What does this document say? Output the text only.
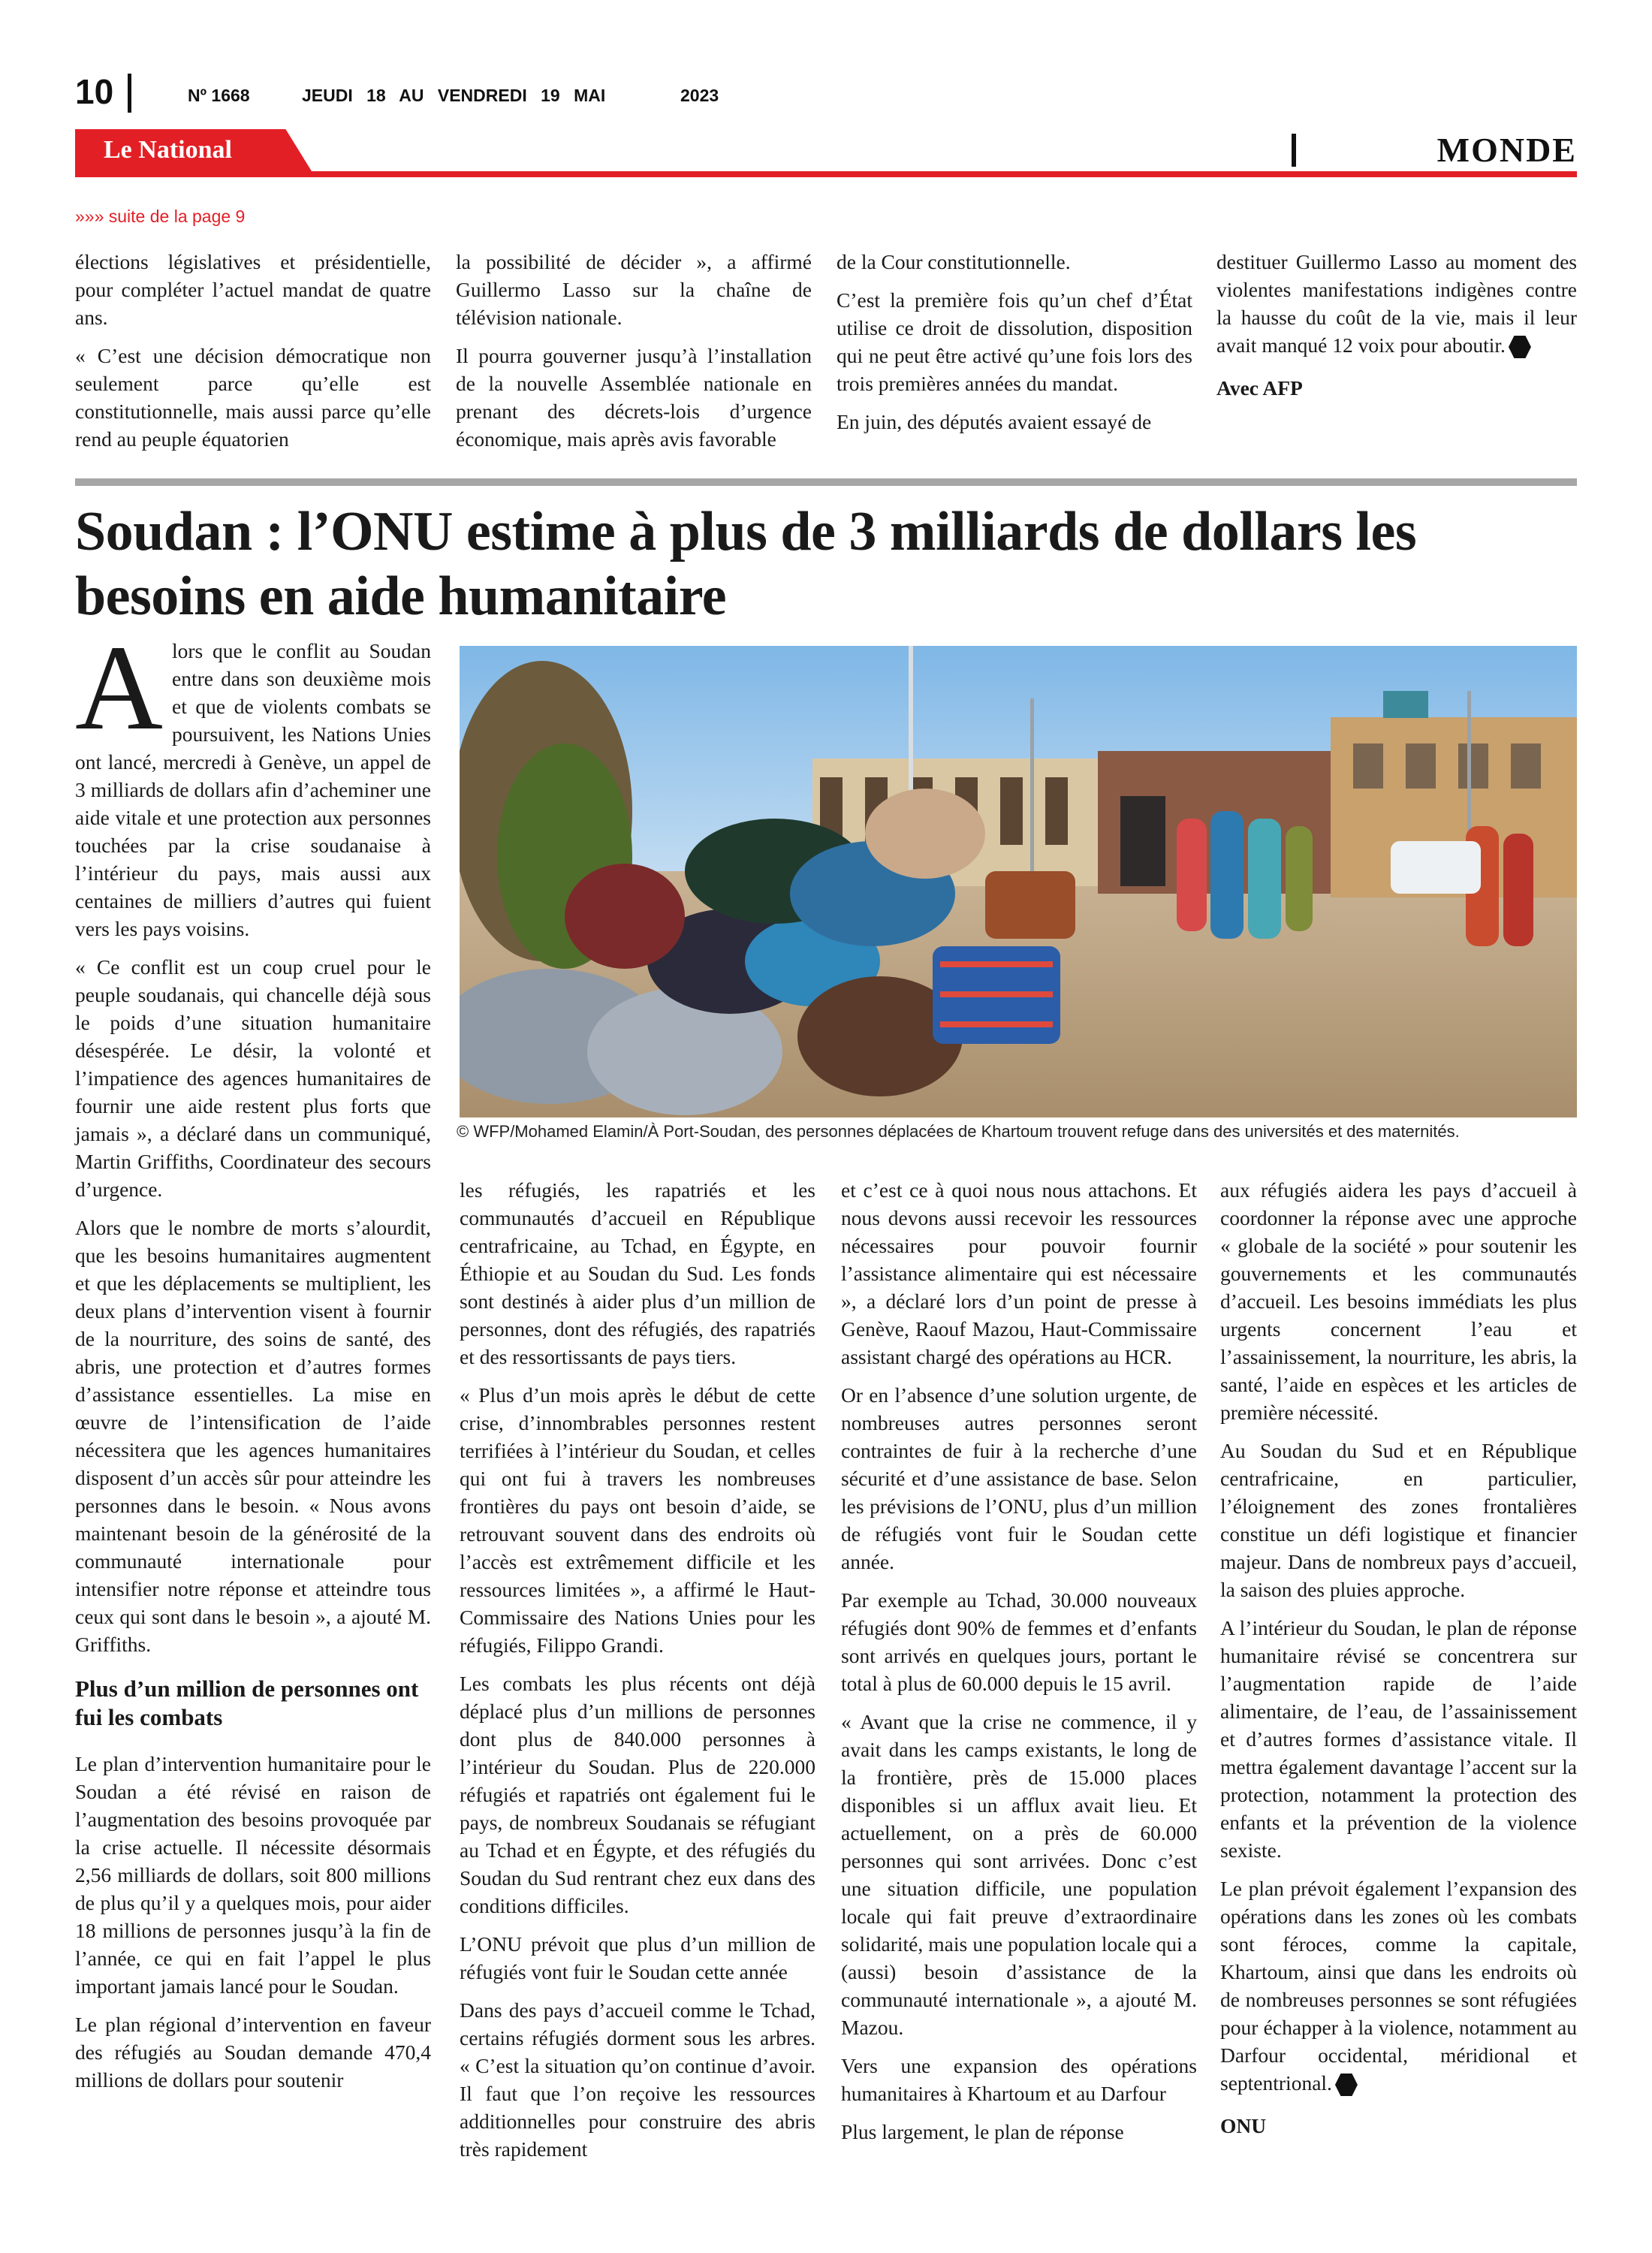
10	Nº 1668	JEUDI 18 AU VENDREDI 19 MAI	2023
Le National	MONDE
»»» suite de la page 9

élections législatives et présidentielle, pour compléter l’actuel mandat de quatre ans.

« C’est une décision démocratique non seulement parce qu’elle est constitutionnelle, mais aussi parce qu’elle rend au peuple équatorien

la possibilité de décider », a affirmé Guillermo Lasso sur la chaîne de télévision nationale.

Il pourra gouverner jusqu’à l’installation de la nouvelle Assemblée nationale en prenant des décrets-lois d’urgence économique, mais après avis favorable

de la Cour constitutionnelle.

C’est la première fois qu’un chef d’État utilise ce droit de dissolution, disposition qui ne peut être activé qu’une fois lors des trois premières années du mandat.

En juin, des députés avaient essayé de

destituer Guillermo Lasso au moment des violentes manifestations indigènes contre la hausse du coût de la vie, mais il leur avait manqué 12 voix pour aboutir.

Avec AFP

Soudan : l’ONU estime à plus de 3 milliards de dollars les besoins en aide humanitaire
© WFP/Mohamed Elamin/À Port-Soudan, des personnes déplacées de Khartoum trouvent refuge dans des universités et des maternités.

Alors que le conflit au Soudan entre dans son deuxième mois et que de violents combats se poursuivent, les Nations Unies ont lancé, mercredi à Genève, un appel de 3 milliards de dollars afin d’acheminer une aide vitale et une protection aux personnes touchées par la crise soudanaise à l’intérieur du pays, mais aussi aux centaines de milliers d’autres qui fuient vers les pays voisins.

« Ce conflit est un coup cruel pour le peuple soudanais, qui chancelle déjà sous le poids d’une situation humanitaire désespérée. Le désir, la volonté et l’impatience des agences humanitaires de fournir une aide restent plus forts que jamais », a déclaré dans un communiqué, Martin Griffiths, Coordinateur des secours d’urgence.

Alors que le nombre de morts s’alourdit, que les besoins humanitaires augmentent et que les déplacements se multiplient, les deux plans d’intervention visent à fournir de la nourriture, des soins de santé, des abris, une protection et d’autres formes d’assistance essentielles. La mise en œuvre de l’intensification de l’aide nécessitera que les agences humanitaires disposent d’un accès sûr pour atteindre les personnes dans le besoin. « Nous avons maintenant besoin de la générosité de la communauté internationale pour intensifier notre réponse et atteindre tous ceux qui sont dans le besoin », a ajouté M. Griffiths.

Plus d’un million de personnes ont fui les combats

Le plan d’intervention humanitaire pour le Soudan a été révisé en raison de l’augmentation des besoins provoquée par la crise actuelle. Il nécessite désormais 2,56 milliards de dollars, soit 800 millions de plus qu’il y a quelques mois, pour aider 18 millions de personnes jusqu’à la fin de l’année, ce qui en fait l’appel le plus important jamais lancé pour le Soudan.

Le plan régional d’intervention en faveur des réfugiés au Soudan demande 470,4 millions de dollars pour soutenir

les réfugiés, les rapatriés et les communautés d’accueil en République centrafricaine, au Tchad, en Égypte, en Éthiopie et au Soudan du Sud. Les fonds sont destinés à aider plus d’un million de personnes, dont des réfugiés, des rapatriés et des ressortissants de pays tiers.

« Plus d’un mois après le début de cette crise, d’innombrables personnes restent terrifiées à l’intérieur du Soudan, et celles qui ont fui à travers les nombreuses frontières du pays ont besoin d’aide, se retrouvant souvent dans des endroits où l’accès est extrêmement difficile et les ressources limitées », a affirmé le Haut-Commissaire des Nations Unies pour les réfugiés, Filippo Grandi.

Les combats les plus récents ont déjà déplacé plus d’un millions de personnes dont plus de 840.000 personnes à l’intérieur du Soudan. Plus de 220.000 réfugiés et rapatriés ont également fui le pays, de nombreux Soudanais se réfugiant au Tchad et en Égypte, et des réfugiés du Soudan du Sud rentrant chez eux dans des conditions difficiles.

L’ONU prévoit que plus d’un million de réfugiés vont fuir le Soudan cette année

Dans des pays d’accueil comme le Tchad, certains réfugiés dorment sous les arbres. « C’est la situation qu’on continue d’avoir. Il faut que l’on reçoive les ressources additionnelles pour construire des abris très rapidement

et c’est ce à quoi nous nous attachons. Et nous devons aussi recevoir les ressources nécessaires pour pouvoir fournir l’assistance alimentaire qui est nécessaire », a déclaré lors d’un point de presse à Genève, Raouf Mazou, Haut-Commissaire assistant chargé des opérations au HCR.

Or en l’absence d’une solution urgente, de nombreuses autres personnes seront contraintes de fuir à la recherche d’une sécurité et d’une assistance de base. Selon les prévisions de l’ONU, plus d’un million de réfugiés vont fuir le Soudan cette année.

Par exemple au Tchad, 30.000 nouveaux réfugiés dont 90% de femmes et d’enfants sont arrivés en quelques jours, portant le total à plus de 60.000 depuis le 15 avril.

« Avant que la crise ne commence, il y avait dans les camps existants, le long de la frontière, près de 15.000 places disponibles si un afflux avait lieu. Et actuellement, on a près de 60.000 personnes qui sont arrivées. Donc c’est une situation difficile, une population locale qui fait preuve d’extraordinaire solidarité, mais une population locale qui a (aussi) besoin d’assistance de la communauté internationale », a ajouté M. Mazou.

Vers une expansion des opérations humanitaires à Khartoum et au Darfour

Plus largement, le plan de réponse

aux réfugiés aidera les pays d’accueil à coordonner la réponse avec une approche « globale de la société » pour soutenir les gouvernements et les communautés d’accueil. Les besoins immédiats les plus urgents concernent l’eau et l’assainissement, la nourriture, les abris, la santé, l’aide en espèces et les articles de première nécessité.

Au Soudan du Sud et en République centrafricaine, en particulier, l’éloignement des zones frontalières constitue un défi logistique et financier majeur. Dans de nombreux pays d’accueil, la saison des pluies approche.

A l’intérieur du Soudan, le plan de réponse humanitaire révisé se concentrera sur l’augmentation rapide de l’aide alimentaire, de l’eau, de l’assainissement et d’autres formes d’assistance vitale. Il mettra également davantage l’accent sur la protection, notamment la protection des enfants et la prévention de la violence sexiste.

Le plan prévoit également l’expansion des opérations dans les zones où les combats sont féroces, comme la capitale, Khartoum, ainsi que dans les endroits où de nombreuses personnes se sont réfugiées pour échapper à la violence, notamment au Darfour occidental, méridional et septentrional.

ONU
